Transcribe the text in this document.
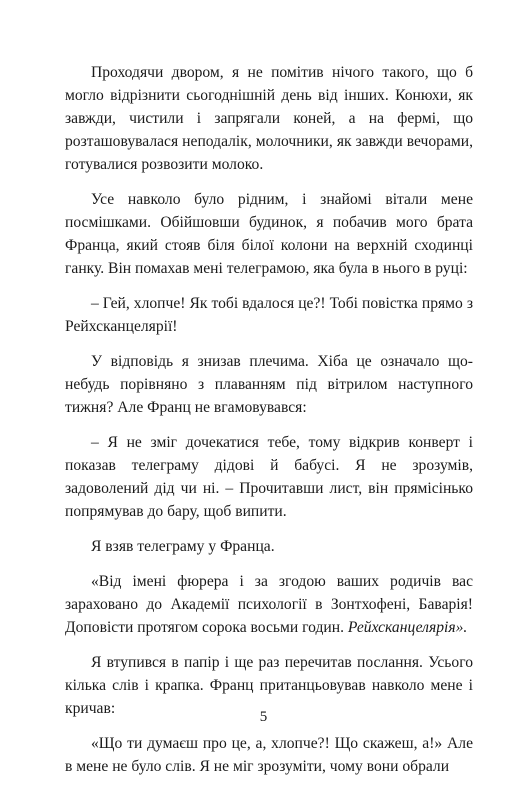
Проходячи двором, я не помітив нічого такого, що б могло відрізнити сьогоднішній день від інших. Конюхи, як завжди, чистили і запрягали коней, а на фермі, що розташовувалася неподалік, молочники, як завжди вечорами, готувалися розвозити молоко.

Усе навколо було рідним, і знайомі вітали мене посмішками. Обійшовши будинок, я побачив мого брата Франца, який стояв біля білої колони на верхній сходинці ганку. Він помахав мені телеграмою, яка була в нього в руці:

– Гей, хлопче! Як тобі вдалося це?! Тобі повістка прямо з Рейхсканцелярії!

У відповідь я знизав плечима. Хіба це означало що-небудь порівняно з плаванням під вітрилом наступного тижня? Але Франц не вгамовувався:

– Я не зміг дочекатися тебе, тому відкрив конверт і показав телеграму дідові й бабусі. Я не зрозумів, задоволений дід чи ні. – Прочитавши лист, він прямісінько попрямував до бару, щоб випити.

Я взяв телеграму у Франца.

«Від імені фюрера і за згодою ваших родичів вас зараховано до Академії психології в Зонтхофені, Баварія! Доповісти протягом сорока восьми годин. Рейхсканцелярія».

Я втупився в папір і ще раз перечитав послання. Усього кілька слів і крапка. Франц пританцьовував навколо мене і кричав:

«Що ти думаєш про це, а, хлопче?! Що скажеш, а!» Але в мене не було слів. Я не міг зрозуміти, чому вони обрали

5
